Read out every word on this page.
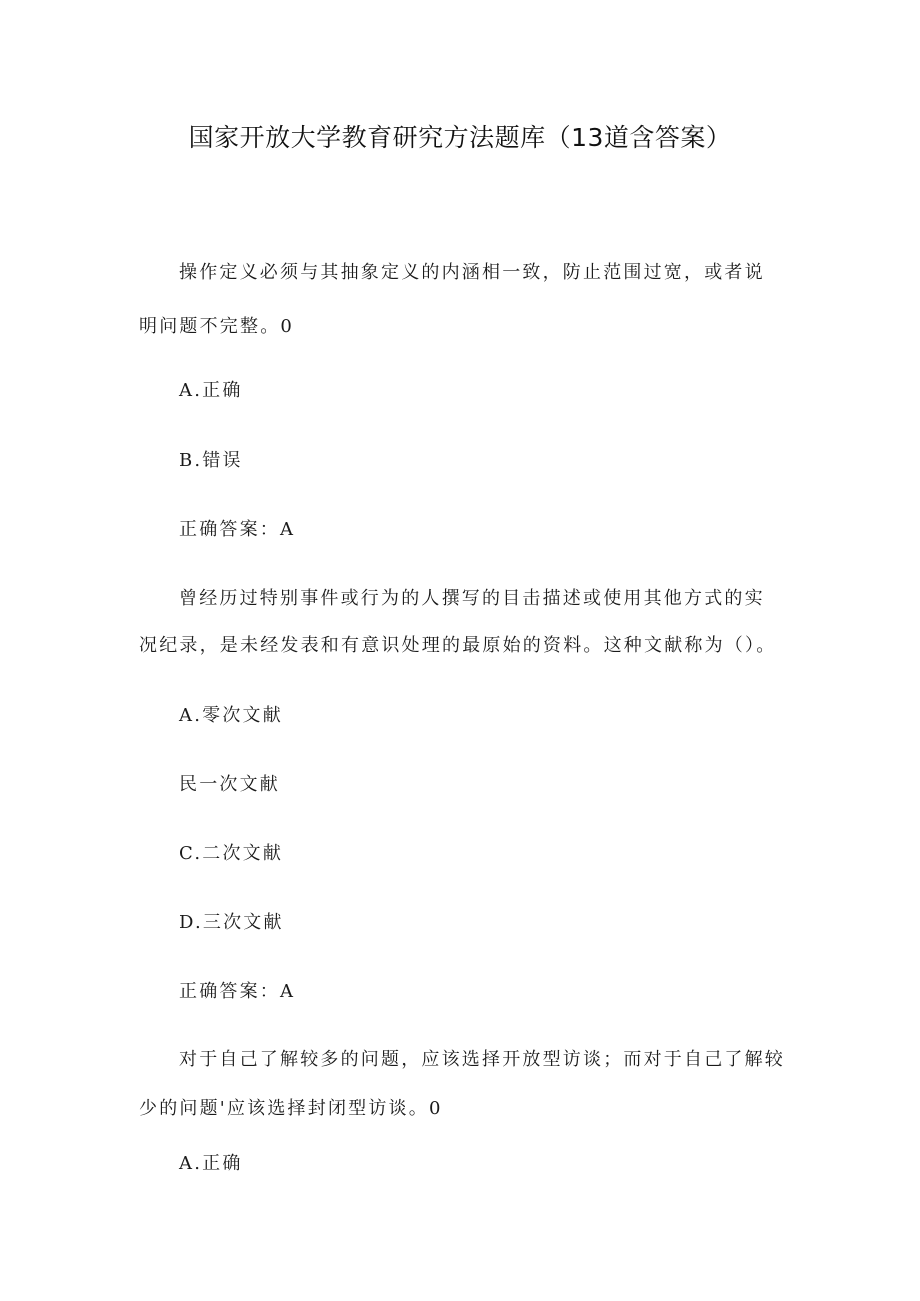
国家开放大学教育研究方法题库（13道含答案）
操作定义必须与其抽象定义的内涵相一致，防止范围过宽，或者说
明问题不完整。0
A.正确
B.错误
正确答案：A
曾经历过特别事件或行为的人撰写的目击描述或使用其他方式的实
况纪录，是未经发表和有意识处理的最原始的资料。这种文献称为（）。
A.零次文献
民一次文献
C.二次文献
D.三次文献
正确答案：A
对于自己了解较多的问题，应该选择开放型访谈；而对于自己了解较
少的问题'应该选择封闭型访谈。0
A.正确
